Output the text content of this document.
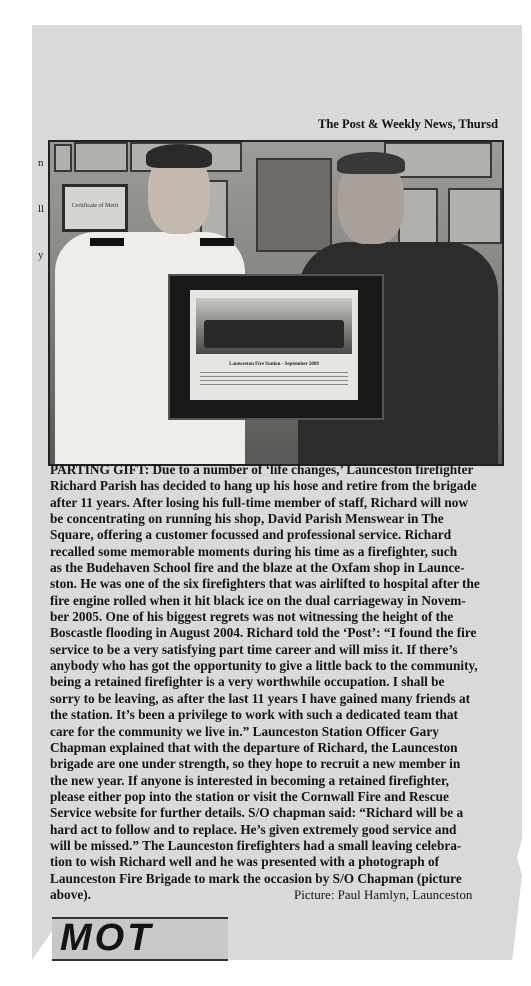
The Post & Weekly News, Thursd
n
ll
y
Certificate of Merit
Launceston Fire Station - September 2009
PARTING GIFT: Due to a number of ‘life changes,’ Launceston firefighter
Richard Parish has decided to hang up his hose and retire from the brigade
after 11 years. After losing his full-time member of staff, Richard will now
be concentrating on running his shop, David Parish Menswear in The
Square, offering a customer focussed and professional service. Richard
recalled some memorable moments during his time as a firefighter, such
as the Budehaven School fire and the blaze at the Oxfam shop in Launce-
ston. He was one of the six firefighters that was airlifted to hospital after the
fire engine rolled when it hit black ice on the dual carriageway in Novem-
ber 2005. One of his biggest regrets was not witnessing the height of the
Boscastle flooding in August 2004. Richard told the ‘Post’: “I found the fire
service to be a very satisfying part time career and will miss it. If there’s
anybody who has got the opportunity to give a little back to the community,
being a retained firefighter is a very worthwhile occupation. I shall be
sorry to be leaving, as after the last 11 years I have gained many friends at
the station. It’s been a privilege to work with such a dedicated team that
care for the community we live in.” Launceston Station Officer Gary
Chapman explained that with the departure of Richard, the Launceston
brigade are one under strength, so they hope to recruit a new member in
the new year. If anyone is interested in becoming a retained firefighter,
please either pop into the station or visit the Cornwall Fire and Rescue
Service website for further details. S/O chapman said: “Richard will be a
hard act to follow and to replace. He’s given extremely good service and
will be missed.” The Launceston firefighters had a small leaving celebra-
tion to wish Richard well and he was presented with a photograph of
Launceston Fire Brigade to mark the occasion by S/O Chapman (picture
above).	Picture: Paul Hamlyn, Launceston
MOT
